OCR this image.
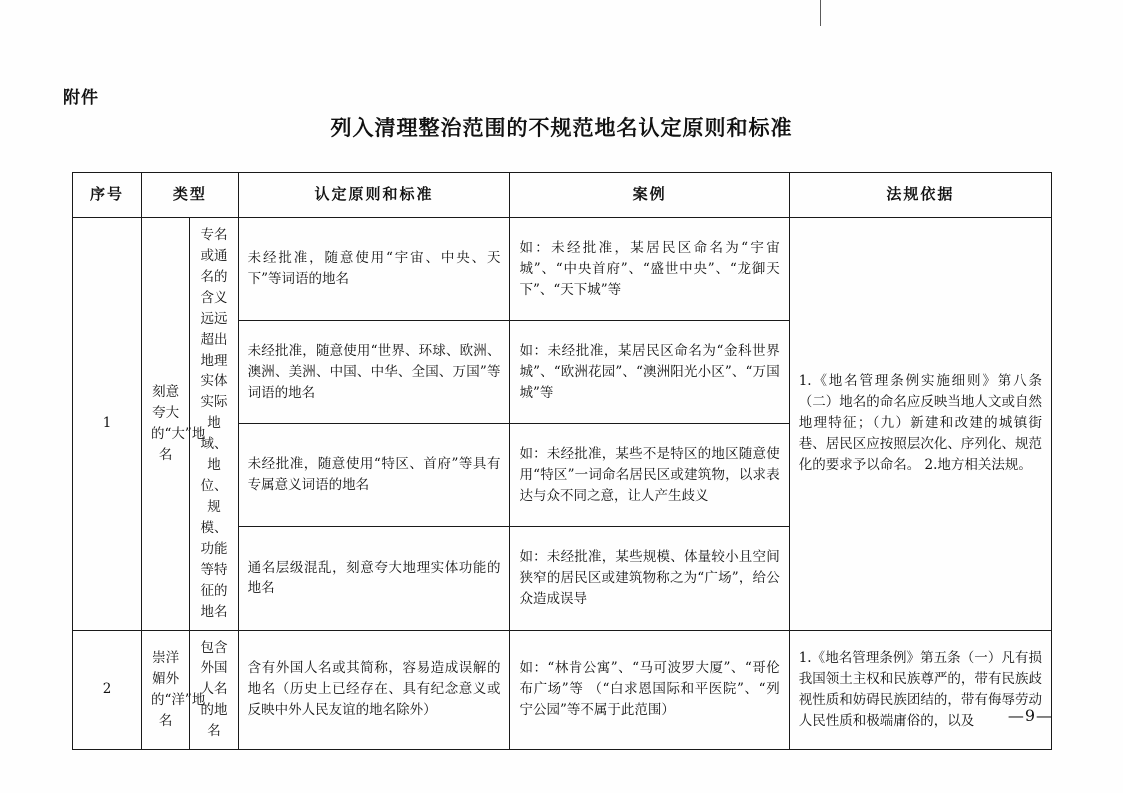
附件
列入清理整治范围的不规范地名认定原则和标准
序号	类型		认定原则和标准	案例	法规依据
1	刻意夸大的“大”地名	专名或通名的含义远远超出地理实体实际地域、地位、规模、功能等特征的地名	未经批准，随意使用“宇宙、中央、天下”等词语的地名	如：未经批准，某居民区命名为“宇宙城”、“中央首府”、“盛世中央”、“龙御天下”、“天下城”等	1.《地名管理条例实施细则》第八条（二）地名的命名应反映当地人文或自然地理特征；（九）新建和改建的城镇街巷、居民区应按照层次化、序列化、规范化的要求予以命名。 2.地方相关法规。
			未经批准，随意使用“世界、环球、欧洲、澳洲、美洲、中国、中华、全国、万国”等词语的地名	如：未经批准，某居民区命名为“金科世界城”、“欧洲花园”、“澳洲阳光小区”、“万国城”等	
			未经批准，随意使用“特区、首府”等具有专属意义词语的地名	如：未经批准，某些不是特区的地区随意使用“特区”一词命名居民区或建筑物，以求表达与众不同之意，让人产生歧义	
			通名层级混乱，刻意夸大地理实体功能的地名	如：未经批准，某些规模、体量较小且空间狭窄的居民区或建筑物称之为“广场”，给公众造成误导	
2	崇洋媚外的“洋”地名	包含外国人名的地名	含有外国人名或其简称，容易造成误解的地名（历史上已经存在、具有纪念意义或反映中外人民友谊的地名除外）	如：“林肯公寓”、“马可波罗大厦”、“哥伦布广场”等 （“白求恩国际和平医院”、“列宁公园”等不属于此范围）	1.《地名管理条例》第五条（一）凡有损我国领土主权和民族尊严的，带有民族歧视性质和妨碍民族团结的，带有侮辱劳动人民性质和极端庸俗的，以及 —9—
